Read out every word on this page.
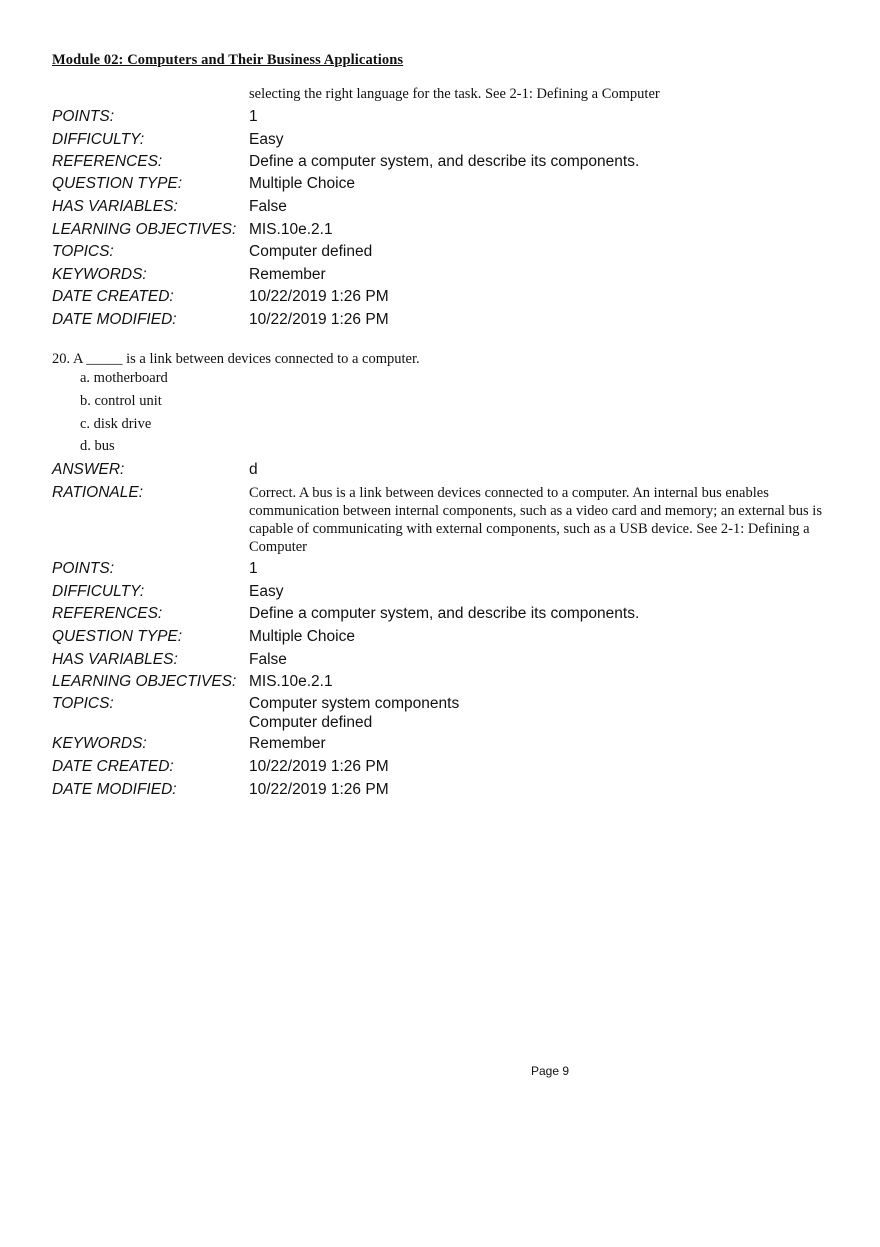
Module 02: Computers and Their Business Applications
selecting the right language for the task. See 2-1: Defining a Computer
POINTS:	1
DIFFICULTY:	Easy
REFERENCES:	Define a computer system, and describe its components.
QUESTION TYPE:	Multiple Choice
HAS VARIABLES:	False
LEARNING OBJECTIVES: MIS.10e.2.1
TOPICS:	Computer defined
KEYWORDS:	Remember
DATE CREATED:	10/22/2019 1:26 PM
DATE MODIFIED:	10/22/2019 1:26 PM
20. A _____ is a link between devices connected to a computer.
a. motherboard
b. control unit
c. disk drive
d. bus
ANSWER:	d
RATIONALE:	Correct. A bus is a link between devices connected to a computer. An internal bus enables communication between internal components, such as a video card and memory; an external bus is capable of communicating with external components, such as a USB device. See 2-1: Defining a Computer
POINTS:	1
DIFFICULTY:	Easy
REFERENCES:	Define a computer system, and describe its components.
QUESTION TYPE:	Multiple Choice
HAS VARIABLES:	False
LEARNING OBJECTIVES: MIS.10e.2.1
TOPICS:	Computer system components
Computer defined
KEYWORDS:	Remember
DATE CREATED:	10/22/2019 1:26 PM
DATE MODIFIED:	10/22/2019 1:26 PM
Page 9
